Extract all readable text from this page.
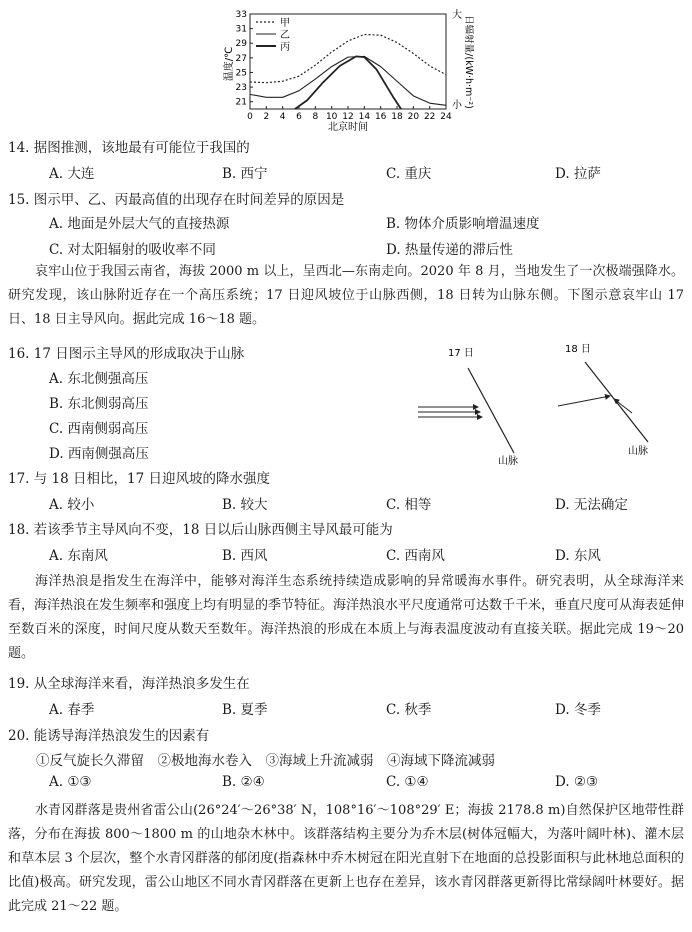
0 2 4 6 8 10 12 14 16 18 20 22 24
21
23
25
27
29
31
33
温度/℃	日辐射量/(kW·h·m⁻²)
大
小
北京时间
甲
乙
丙
14. 据图推测，该地最有可能位于我国的
A. 大连	B. 西宁	C. 重庆	D. 拉萨
15. 图示甲、乙、丙最高值的出现存在时间差异的原因是
A. 地面是外层大气的直接热源	B. 物体介质影响增温速度
C. 对太阳辐射的吸收率不同	D. 热量传递的滞后性
哀牢山位于我国云南省，海拔 2000 m 以上，呈西北—东南走向。2020 年 8 月，当地发生了一次极端强降水。研究发现，该山脉附近存在一个高压系统；17 日迎风坡位于山脉西侧，18 日转为山脉东侧。下图示意哀牢山 17 日、18 日主导风向。据此完成 16～18 题。
16. 17 日图示主导风的形成取决于山脉
A. 东北侧强高压
B. 东北侧弱高压
C. 西南侧弱高压
D. 西南侧强高压
17 日
山脉
18 日
山脉
17. 与 18 日相比，17 日迎风坡的降水强度
A. 较小	B. 较大	C. 相等	D. 无法确定
18. 若该季节主导风向不变，18 日以后山脉西侧主导风最可能为
A. 东南风	B. 西风	C. 西南风	D. 东风
海洋热浪是指发生在海洋中，能够对海洋生态系统持续造成影响的异常暖海水事件。研究表明，从全球海洋来看，海洋热浪在发生频率和强度上均有明显的季节特征。海洋热浪水平尺度通常可达数千千米，垂直尺度可从海表延伸至数百米的深度，时间尺度从数天至数年。海洋热浪的形成在本质上与海表温度波动有直接关联。据此完成 19～20 题。
19. 从全球海洋来看，海洋热浪多发生在
A. 春季	B. 夏季	C. 秋季	D. 冬季
20. 能诱导海洋热浪发生的因素有
①反气旋长久滞留　②极地海水卷入　③海域上升流减弱　④海域下降流减弱
A. ①③	B. ②④	C. ①④	D. ②③
水青冈群落是贵州省雷公山(26°24′～26°38′ N，108°16′～108°29′ E；海拔 2178.8 m)自然保护区地带性群落，分布在海拔 800～1800 m 的山地杂木林中。该群落结构主要分为乔木层(树体冠幅大，为落叶阔叶林)、灌木层和草本层 3 个层次，整个水青冈群落的郁闭度(指森林中乔木树冠在阳光直射下在地面的总投影面积与此林地总面积的比值)极高。研究发现，雷公山地区不同水青冈群落在更新上也存在差异，该水青冈群落更新得比常绿阔叶林要好。据此完成 21～22 题。
